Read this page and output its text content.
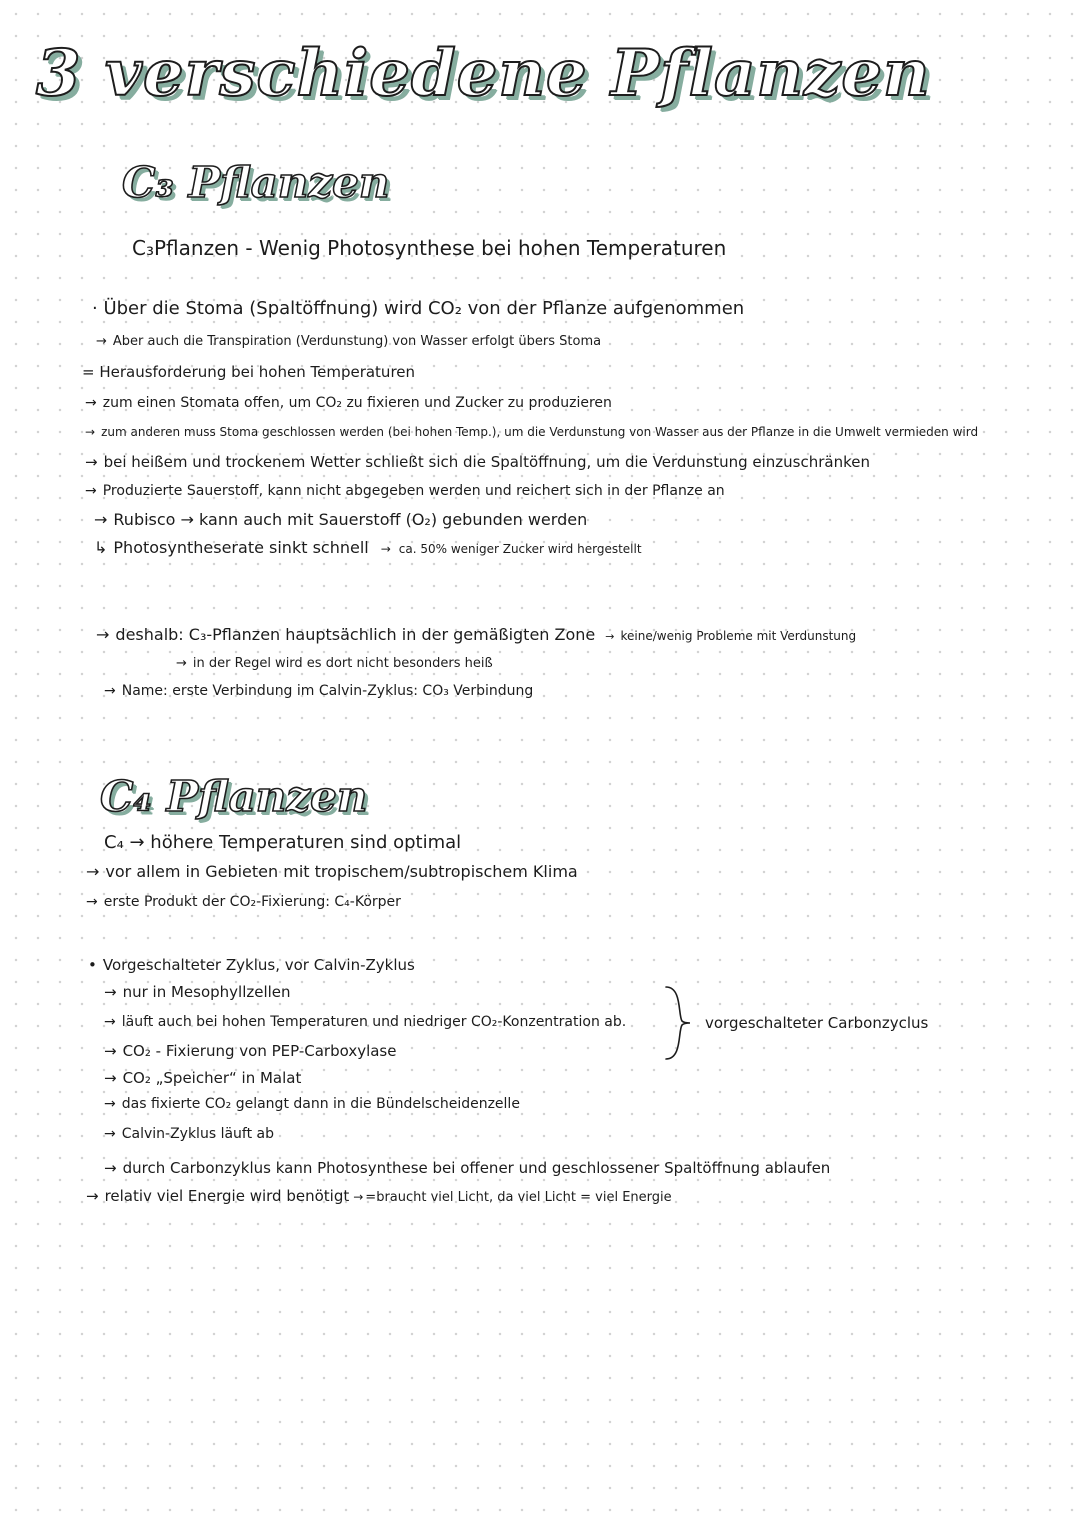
3 verschiedene Pflanzen
C₃ Pflanzen
C₃Pflanzen - Wenig Photosynthese bei hohen Temperaturen
· Über die Stoma (Spaltöffnung) wird CO₂ von der Pflanze aufgenommen
→ Aber auch die Transpiration (Verdunstung) von Wasser erfolgt übers Stoma
= Herausforderung bei hohen Temperaturen
→ zum einen Stomata offen, um CO₂ zu fixieren und Zucker zu produzieren
→ zum anderen muss Stoma geschlossen werden (bei hohen Temp.), um die Verdunstung von Wasser aus der Pflanze in die Umwelt vermieden wird
→ bei heißem und trockenem Wetter schließt sich die Spaltöffnung, um die Verdunstung einzuschränken
→ Produzierte Sauerstoff, kann nicht abgegeben werden und reichert sich in der Pflanze an
→ Rubisco → kann auch mit Sauerstoff (O₂) gebunden werden
↳ Photosyntheserate sinkt schnell → ca. 50% weniger Zucker wird hergestellt
→ deshalb: C₃-Pflanzen hauptsächlich in der gemäßigten Zone → keine/wenig Probleme mit Verdunstung
→ in der Regel wird es dort nicht besonders heiß
→ Name: erste Verbindung im Calvin-Zyklus: CO₃ Verbindung
C₄ Pflanzen
C₄ → höhere Temperaturen sind optimal
→ vor allem in Gebieten mit tropischem/subtropischem Klima
→ erste Produkt der CO₂-Fixierung: C₄-Körper
• Vorgeschalteter Zyklus, vor Calvin-Zyklus
→ nur in Mesophyllzellen
→ läuft auch bei hohen Temperaturen und niedriger CO₂-Konzentration ab.
→ CO₂ - Fixierung von PEP-Carboxylase
→ CO₂ „Speicher“ in Malat
→ das fixierte CO₂ gelangt dann in die Bündelscheidenzelle
→ Calvin-Zyklus läuft ab
→ durch Carbonzyklus kann Photosynthese bei offener und geschlossener Spaltöffnung ablaufen
→ relativ viel Energie wird benötigt → =braucht viel Licht, da viel Licht = viel Energie
vorgeschalteter Carbonzyclus
